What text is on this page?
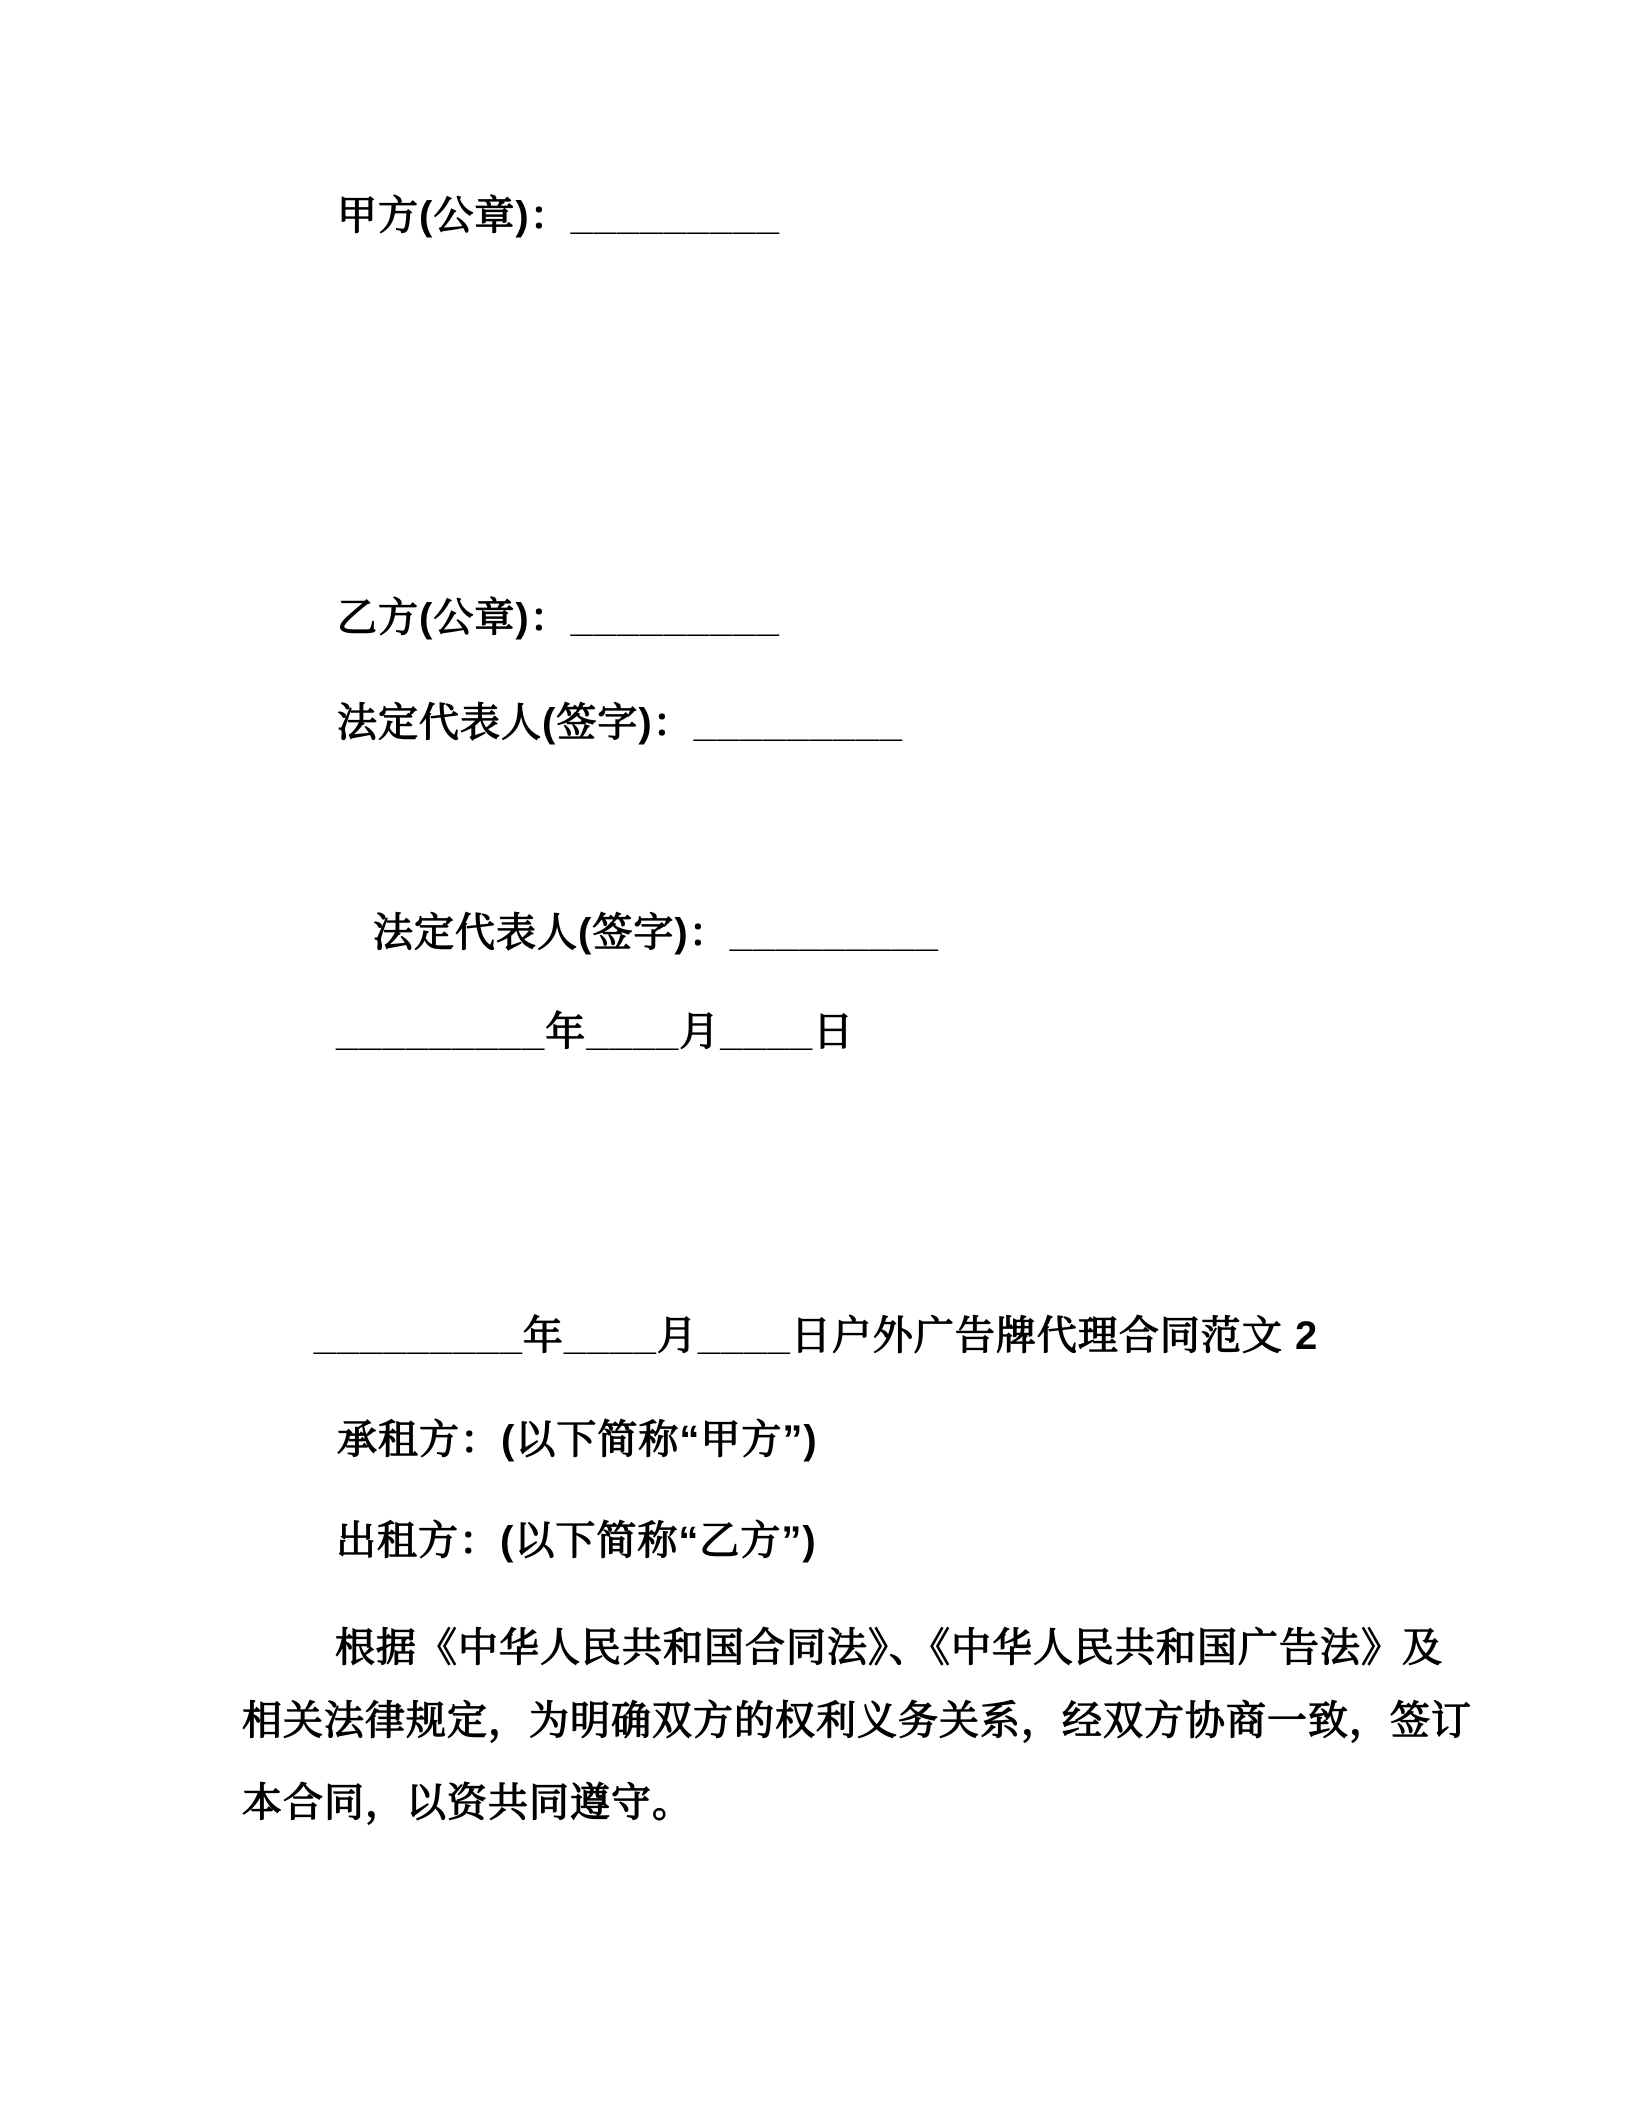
甲方(公章)：_________
乙方(公章)：_________
法定代表人(签字)：_________
法定代表人(签字)：_________
_________年____月____日
_________年____月____日户外广告牌代理合同范文 2
承租方：(以下简称“甲方”)
出租方：(以下简称“乙方”)
根据《中华人民共和国合同法》、《中华人民共和国广告法》及
相关法律规定，为明确双方的权利义务关系，经双方协商一致，签订
本合同，以资共同遵守。
